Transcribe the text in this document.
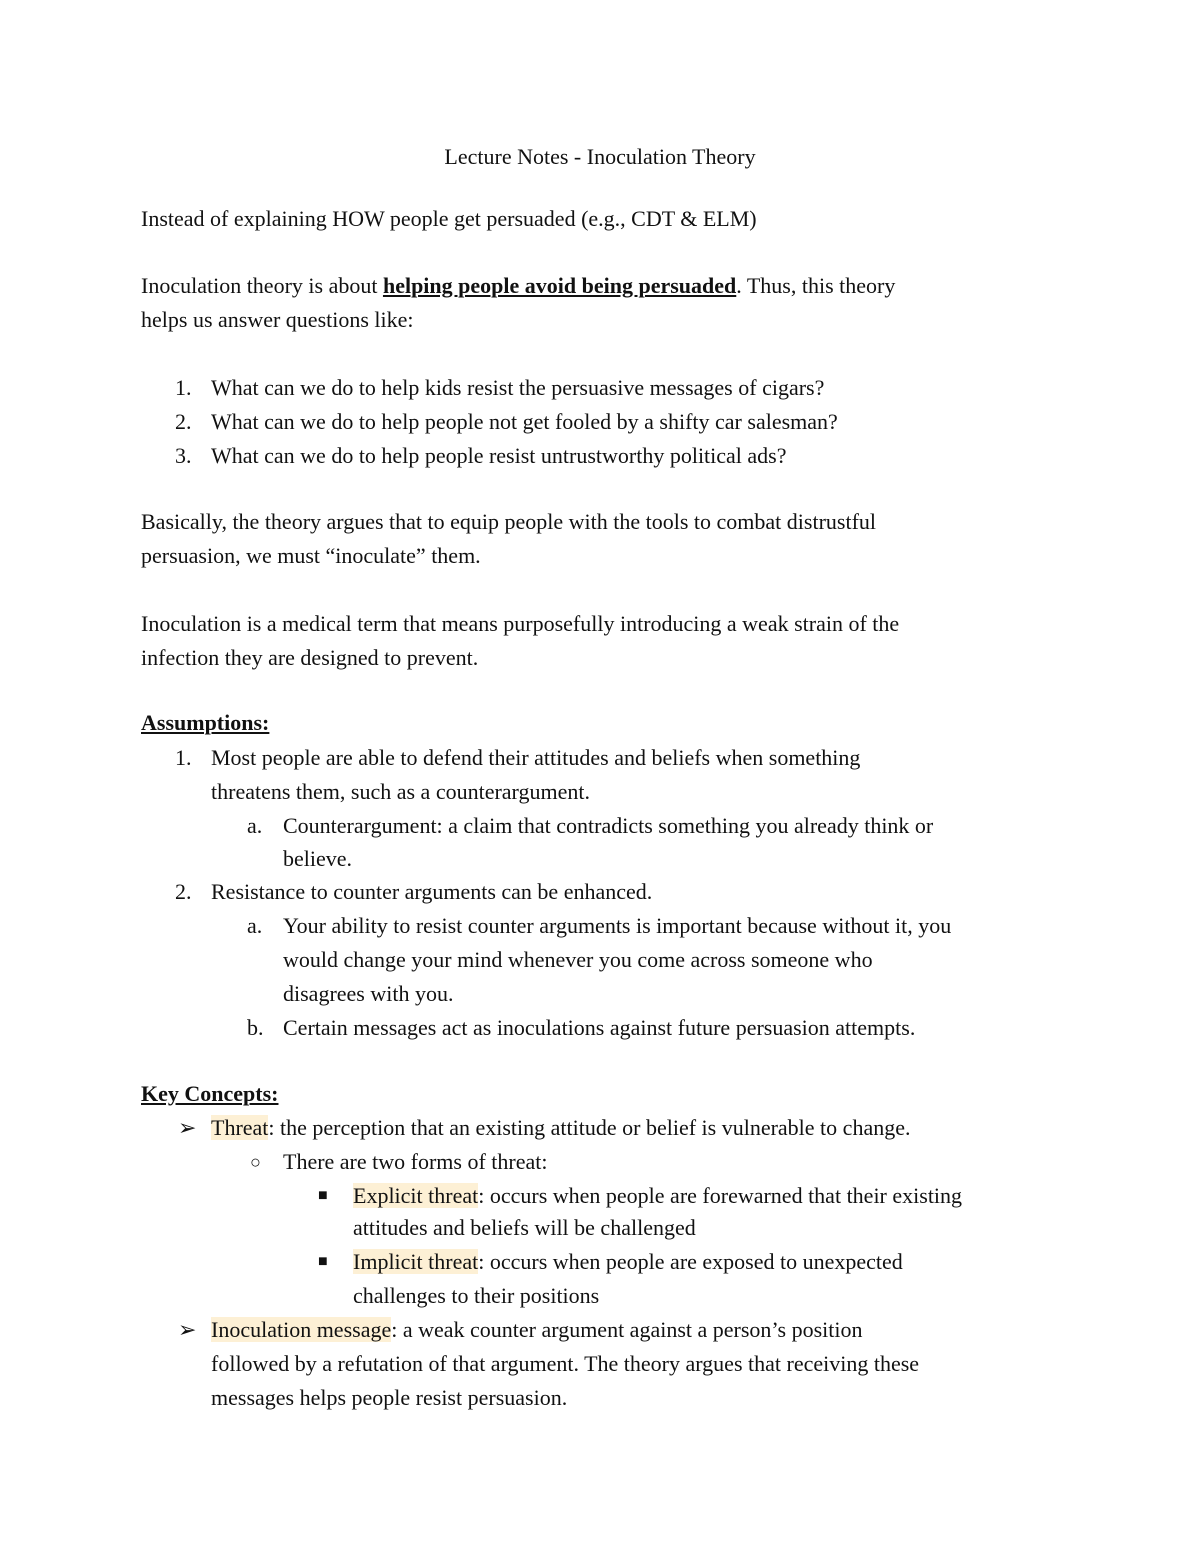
Lecture Notes - Inoculation Theory
Instead of explaining HOW people get persuaded (e.g., CDT & ELM)
Inoculation theory is about helping people avoid being persuaded. Thus, this theory
helps us answer questions like:
1. What can we do to help kids resist the persuasive messages of cigars?
2. What can we do to help people not get fooled by a shifty car salesman?
3. What can we do to help people resist untrustworthy political ads?
Basically, the theory argues that to equip people with the tools to combat distrustful
persuasion, we must “inoculate” them.
Inoculation is a medical term that means purposefully introducing a weak strain of the
infection they are designed to prevent.
Assumptions:
1. Most people are able to defend their attitudes and beliefs when something
threatens them, such as a counterargument.
a. Counterargument: a claim that contradicts something you already think or
believe.
2. Resistance to counter arguments can be enhanced.
a. Your ability to resist counter arguments is important because without it, you
would change your mind whenever you come across someone who
disagrees with you.
b. Certain messages act as inoculations against future persuasion attempts.
Key Concepts:
➢ Threat: the perception that an existing attitude or belief is vulnerable to change.
○ There are two forms of threat:
■ Explicit threat: occurs when people are forewarned that their existing
attitudes and beliefs will be challenged
■ Implicit threat: occurs when people are exposed to unexpected
challenges to their positions
➢ Inoculation message: a weak counter argument against a person’s position
followed by a refutation of that argument. The theory argues that receiving these
messages helps people resist persuasion.
